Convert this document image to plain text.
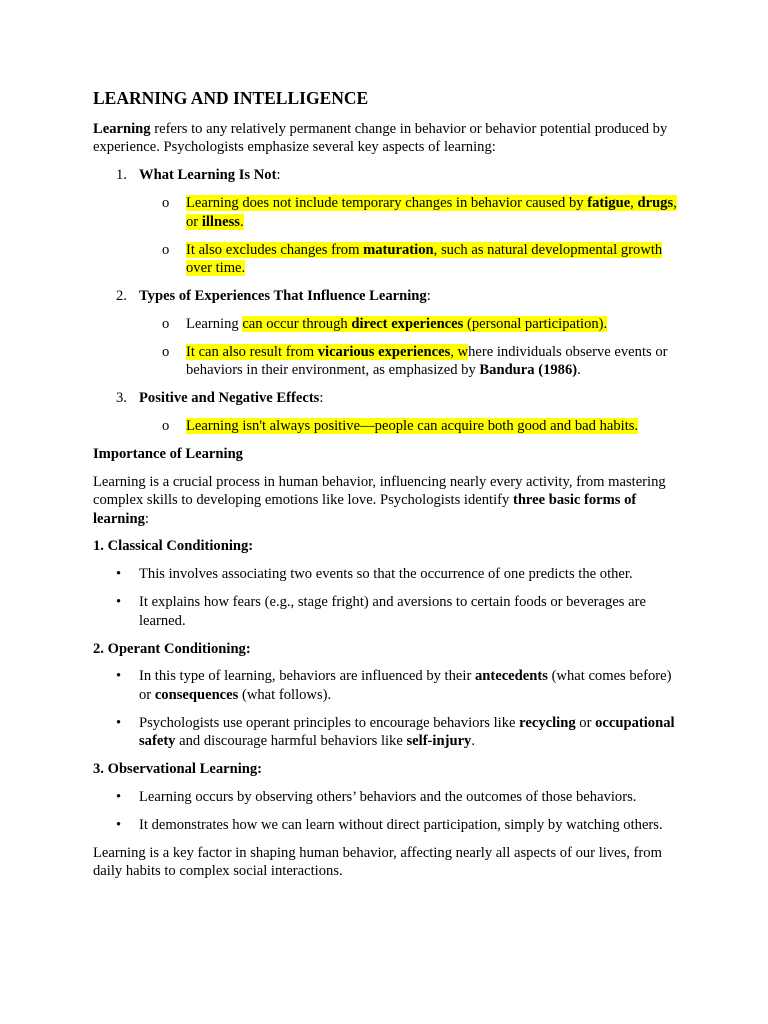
LEARNING AND INTELLIGENCE

Learning refers to any relatively permanent change in behavior or behavior potential produced by experience. Psychologists emphasize several key aspects of learning:

1. What Learning Is Not:
o Learning does not include temporary changes in behavior caused by fatigue, drugs, or illness.
o It also excludes changes from maturation, such as natural developmental growth over time.
2. Types of Experiences That Influence Learning:
o Learning can occur through direct experiences (personal participation).
o It can also result from vicarious experiences, where individuals observe events or behaviors in their environment, as emphasized by Bandura (1986).
3. Positive and Negative Effects:
o Learning isn't always positive—people can acquire both good and bad habits.

Importance of Learning

Learning is a crucial process in human behavior, influencing nearly every activity, from mastering complex skills to developing emotions like love. Psychologists identify three basic forms of learning:

1. Classical Conditioning:

• This involves associating two events so that the occurrence of one predicts the other.
• It explains how fears (e.g., stage fright) and aversions to certain foods or beverages are learned.

2. Operant Conditioning:

• In this type of learning, behaviors are influenced by their antecedents (what comes before) or consequences (what follows).
• Psychologists use operant principles to encourage behaviors like recycling or occupational safety and discourage harmful behaviors like self-injury.

3. Observational Learning:

• Learning occurs by observing others’ behaviors and the outcomes of those behaviors.
• It demonstrates how we can learn without direct participation, simply by watching others.

Learning is a key factor in shaping human behavior, affecting nearly all aspects of our lives, from daily habits to complex social interactions.
